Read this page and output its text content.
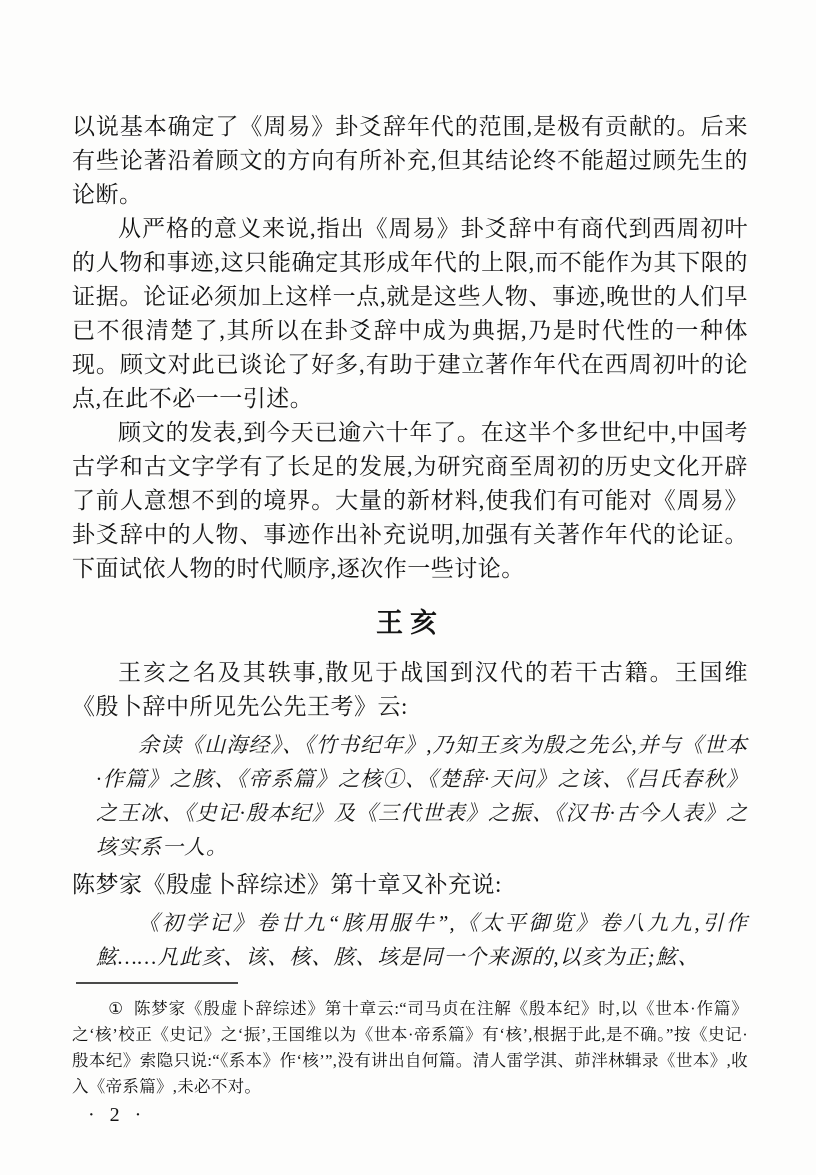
以说基本确定了《周易》卦爻辞年代的范围,是极有贡献的。后来有些论著沿着顾文的方向有所补充,但其结论终不能超过顾先生的论断。

从严格的意义来说,指出《周易》卦爻辞中有商代到西周初叶的人物和事迹,这只能确定其形成年代的上限,而不能作为其下限的证据。论证必须加上这样一点,就是这些人物、事迹,晚世的人们早已不很清楚了,其所以在卦爻辞中成为典据,乃是时代性的一种体现。顾文对此已谈论了好多,有助于建立著作年代在西周初叶的论点,在此不必一一引述。

顾文的发表,到今天已逾六十年了。在这半个多世纪中,中国考古学和古文字学有了长足的发展,为研究商至周初的历史文化开辟了前人意想不到的境界。大量的新材料,使我们有可能对《周易》卦爻辞中的人物、事迹作出补充说明,加强有关著作年代的论证。下面试依人物的时代顺序,逐次作一些讨论。

王亥

王亥之名及其轶事,散见于战国到汉代的若干古籍。王国维《殷卜辞中所见先公先王考》云:

余读《山海经》、《竹书纪年》,乃知王亥为殷之先公,并与《世本·作篇》之胲、《帝系篇》之核①、《楚辞·天问》之该、《吕氏春秋》之王冰、《史记·殷本纪》及《三代世表》之振、《汉书·古今人表》之垓实系一人。

陈梦家《殷虚卜辞综述》第十章又补充说:

《初学记》卷廿九“胲用服牛”,《太平御览》卷八九九,引作鮌……凡此亥、该、核、胲、垓是同一个来源的,以亥为正;鮌、

① 陈梦家《殷虚卜辞综述》第十章云:“司马贞在注解《殷本纪》时,以《世本·作篇》之‘核’校正《史记》之‘振’,王国维以为《世本·帝系篇》有‘核’,根据于此,是不确。”按《史记·殷本纪》索隐只说:“《系本》作‘核’”,没有讲出自何篇。清人雷学淇、茆泮林辑录《世本》,收入《帝系篇》,未必不对。

· 2 ·
